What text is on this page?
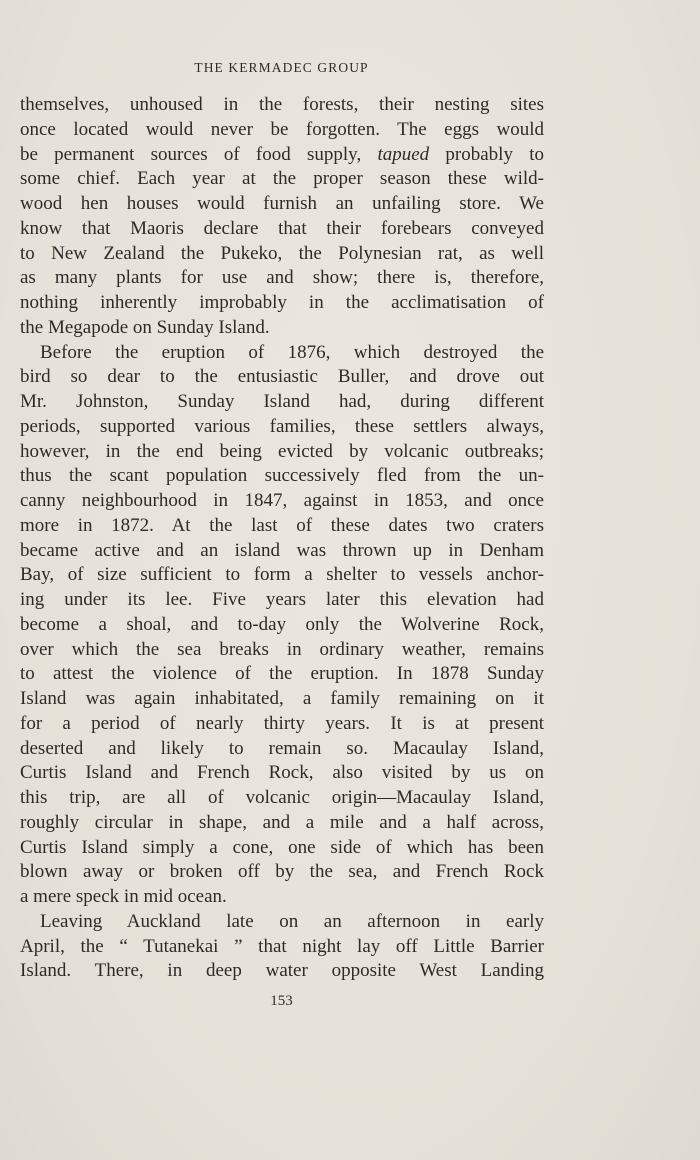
THE KERMADEC GROUP
themselves, unhoused in the forests, their nesting sites
once located would never be forgotten. The eggs would
be permanent sources of food supply, tapued probably to
some chief. Each year at the proper season these wild-
wood hen houses would furnish an unfailing store. We
know that Maoris declare that their forebears conveyed
to New Zealand the Pukeko, the Polynesian rat, as well
as many plants for use and show; there is, therefore,
nothing inherently improbably in the acclimatisation of
the Megapode on Sunday Island.
Before the eruption of 1876, which destroyed the
bird so dear to the entusiastic Buller, and drove out
Mr. Johnston, Sunday Island had, during different
periods, supported various families, these settlers always,
however, in the end being evicted by volcanic outbreaks;
thus the scant population successively fled from the un-
canny neighbourhood in 1847, against in 1853, and once
more in 1872. At the last of these dates two craters
became active and an island was thrown up in Denham
Bay, of size sufficient to form a shelter to vessels anchor-
ing under its lee. Five years later this elevation had
become a shoal, and to-day only the Wolverine Rock,
over which the sea breaks in ordinary weather, remains
to attest the violence of the eruption. In 1878 Sunday
Island was again inhabitated, a family remaining on it
for a period of nearly thirty years. It is at present
deserted and likely to remain so. Macaulay Island,
Curtis Island and French Rock, also visited by us on
this trip, are all of volcanic origin—Macaulay Island,
roughly circular in shape, and a mile and a half across,
Curtis Island simply a cone, one side of which has been
blown away or broken off by the sea, and French Rock
a mere speck in mid ocean.
Leaving Auckland late on an afternoon in early
April, the “ Tutanekai ” that night lay off Little Barrier
Island. There, in deep water opposite West Landing
153
